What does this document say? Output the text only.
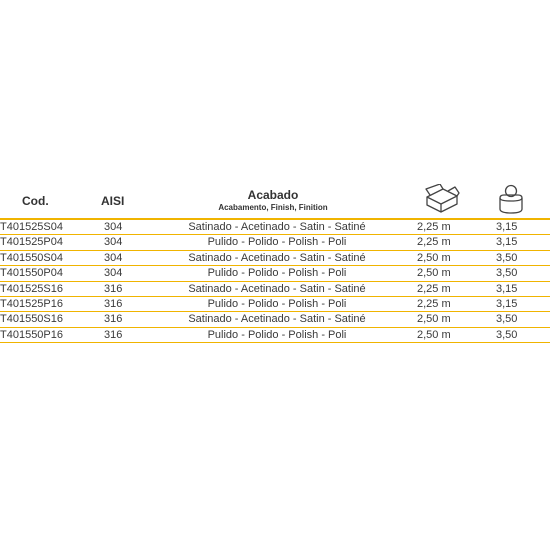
Cod.	AISI	Acabado
Acabamento, Finish, Finition
T401525S04	304	Satinado - Acetinado - Satin - Satiné	2,25 m	3,15
T401525P04	304	Pulido - Polido - Polish - Poli	2,25 m	3,15
T401550S04	304	Satinado - Acetinado - Satin - Satiné	2,50 m	3,50
T401550P04	304	Pulido - Polido - Polish - Poli	2,50 m	3,50
T401525S16	316	Satinado - Acetinado - Satin - Satiné	2,25 m	3,15
T401525P16	316	Pulido - Polido - Polish - Poli	2,25 m	3,15
T401550S16	316	Satinado - Acetinado - Satin - Satiné	2,50 m	3,50
T401550P16	316	Pulido - Polido - Polish - Poli	2,50 m	3,50
